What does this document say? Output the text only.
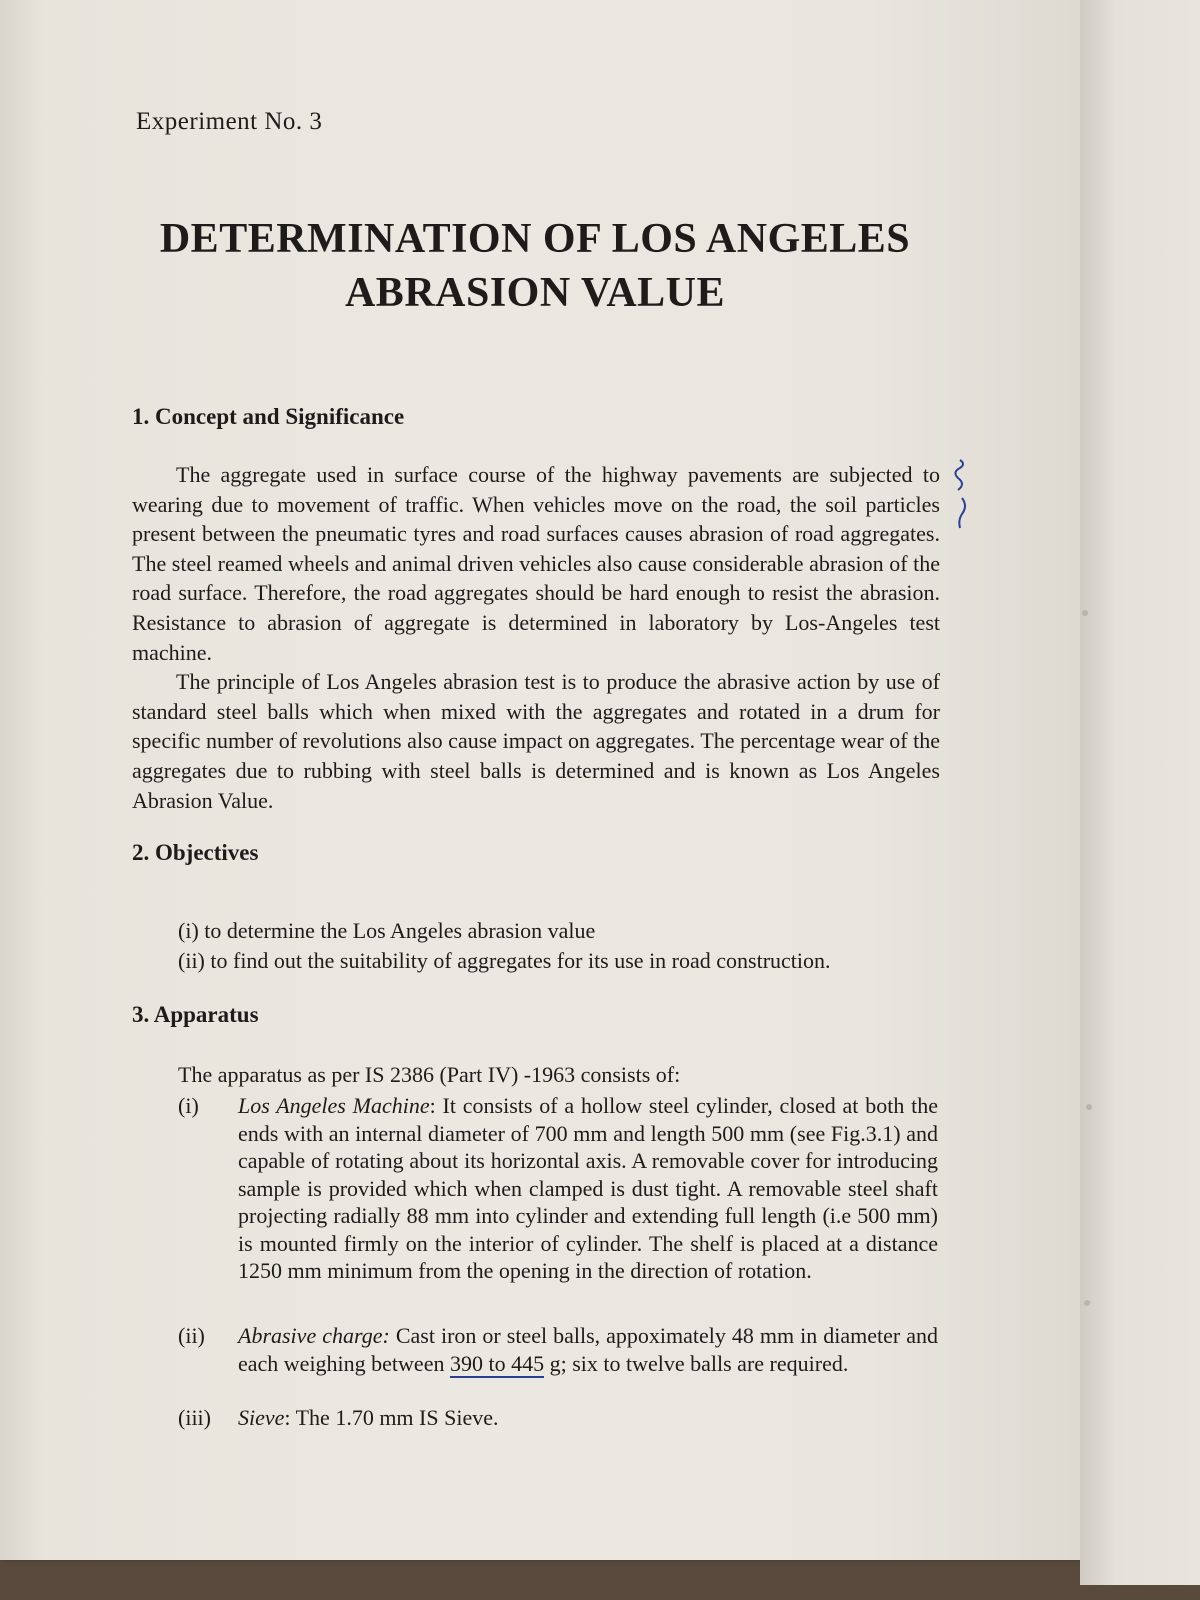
Experiment No. 3
DETERMINATION OF LOS ANGELES
ABRASION VALUE
1. Concept and Significance

The aggregate used in surface course of the highway pavements are subjected to wearing due to movement of traffic. When vehicles move on the road, the soil particles present between the pneumatic tyres and road surfaces causes abrasion of road aggregates. The steel reamed wheels and animal driven vehicles also cause considerable abrasion of the road surface. Therefore, the road aggregates should be hard enough to resist the abrasion. Resistance to abrasion of aggregate is determined in laboratory by Los-Angeles test machine.

The principle of Los Angeles abrasion test is to produce the abrasive action by use of standard steel balls which when mixed with the aggregates and rotated in a drum for specific number of revolutions also cause impact on aggregates. The percentage wear of the aggregates due to rubbing with steel balls is determined and is known as Los Angeles Abrasion Value.

2. Objectives
(i) to determine the Los Angeles abrasion value
(ii) to find out the suitability of aggregates for its use in road construction.
3. Apparatus
The apparatus as per IS 2386 (Part IV) -1963 consists of:
(i)	Los Angeles Machine: It consists of a hollow steel cylinder, closed at both the ends with an internal diameter of 700 mm and length 500 mm (see Fig.3.1) and capable of rotating about its horizontal axis. A removable cover for introducing sample is provided which when clamped is dust tight. A removable steel shaft projecting radially 88 mm into cylinder and extending full length (i.e 500 mm) is mounted firmly on the interior of cylinder. The shelf is placed at a distance 1250 mm minimum from the opening in the direction of rotation.
(ii)	Abrasive charge: Cast iron or steel balls, appoximately 48 mm in diameter and each weighing between 390 to 445 g; six to twelve balls are required.
(iii)	Sieve: The 1.70 mm IS Sieve.
